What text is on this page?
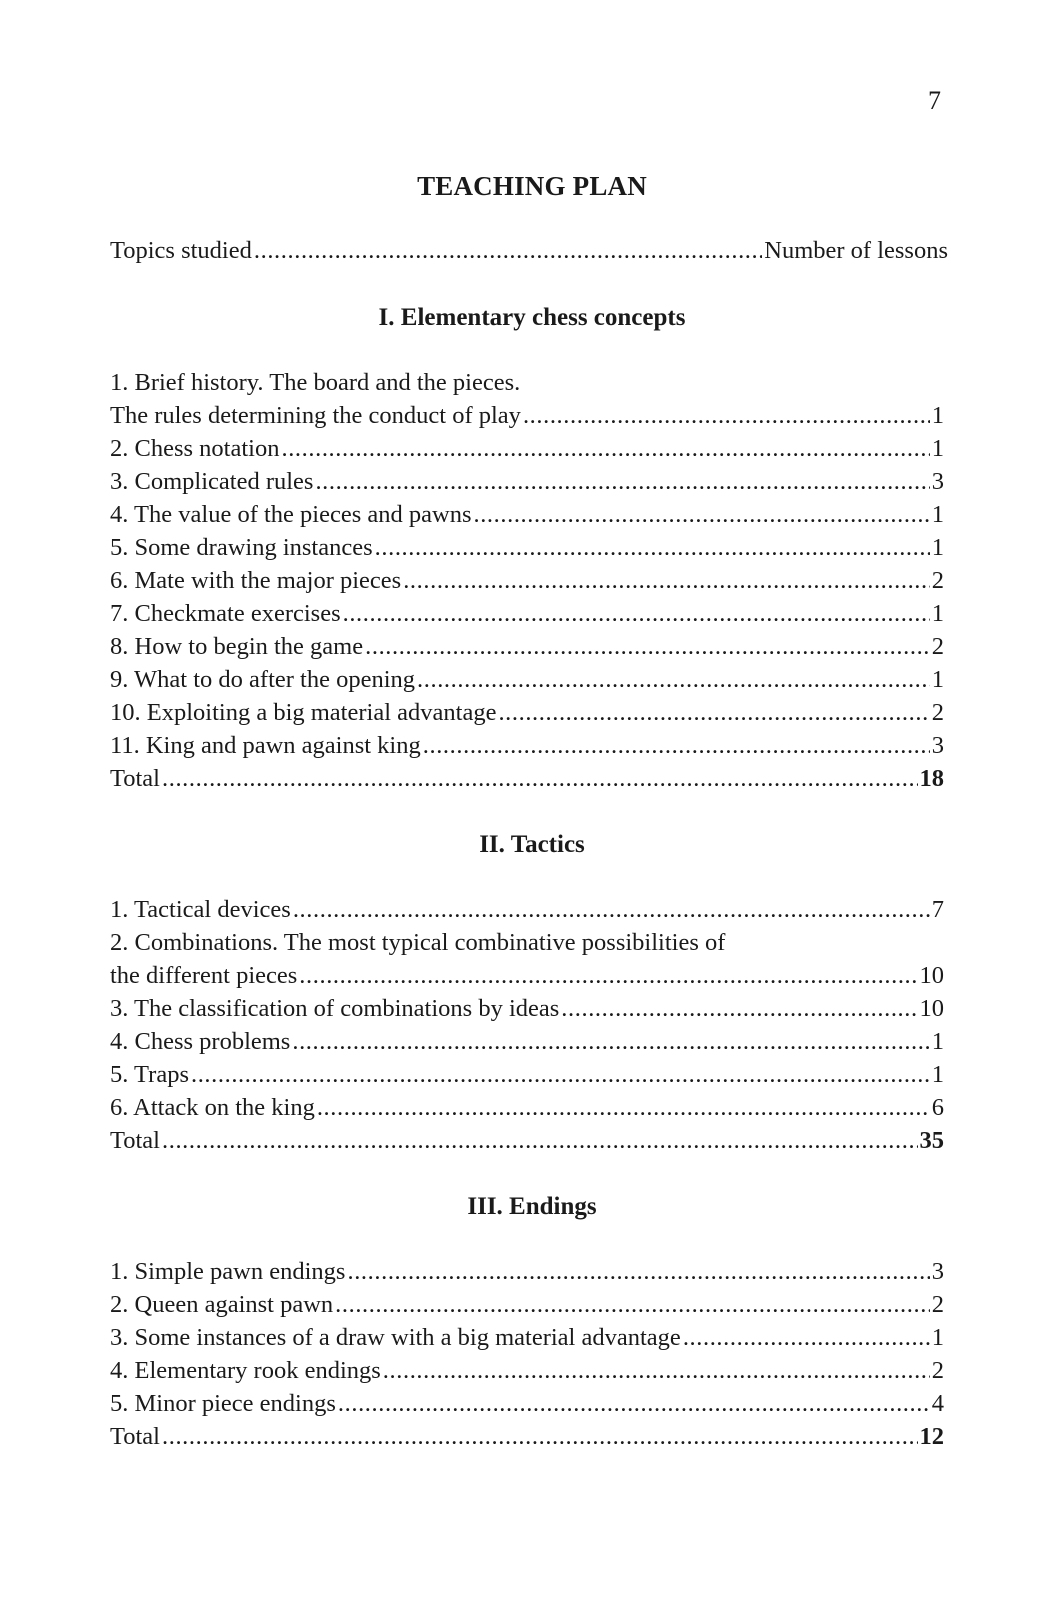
7
TEACHING PLAN
Topics studied .....	Number of lessons
I. Elementary chess concepts
1. Brief history. The board and the pieces.
The rules determining the conduct of play .....	1
2. Chess notation .....	1
3. Complicated rules .....	3
4. The value of the pieces and pawns .....	1
5. Some drawing instances .....	1
6. Mate with the major pieces .....	2
7. Checkmate exercises .....	1
8. How to begin the game .....	2
9. What to do after the opening .....	1
10. Exploiting a big material advantage .....	2
11. King and pawn against king .....	3
Total .....	18
II. Tactics
1. Tactical devices .....	7
2. Combinations. The most typical combinative possibilities of
the different pieces .....	10
3. The classification of combinations by ideas .....	10
4. Chess problems .....	1
5. Traps .....	1
6. Attack on the king .....	6
Total .....	35
III. Endings
1. Simple pawn endings .....	3
2. Queen against pawn .....	2
3. Some instances of a draw with a big material advantage .....	1
4. Elementary rook endings .....	2
5. Minor piece endings .....	4
Total .....	12
